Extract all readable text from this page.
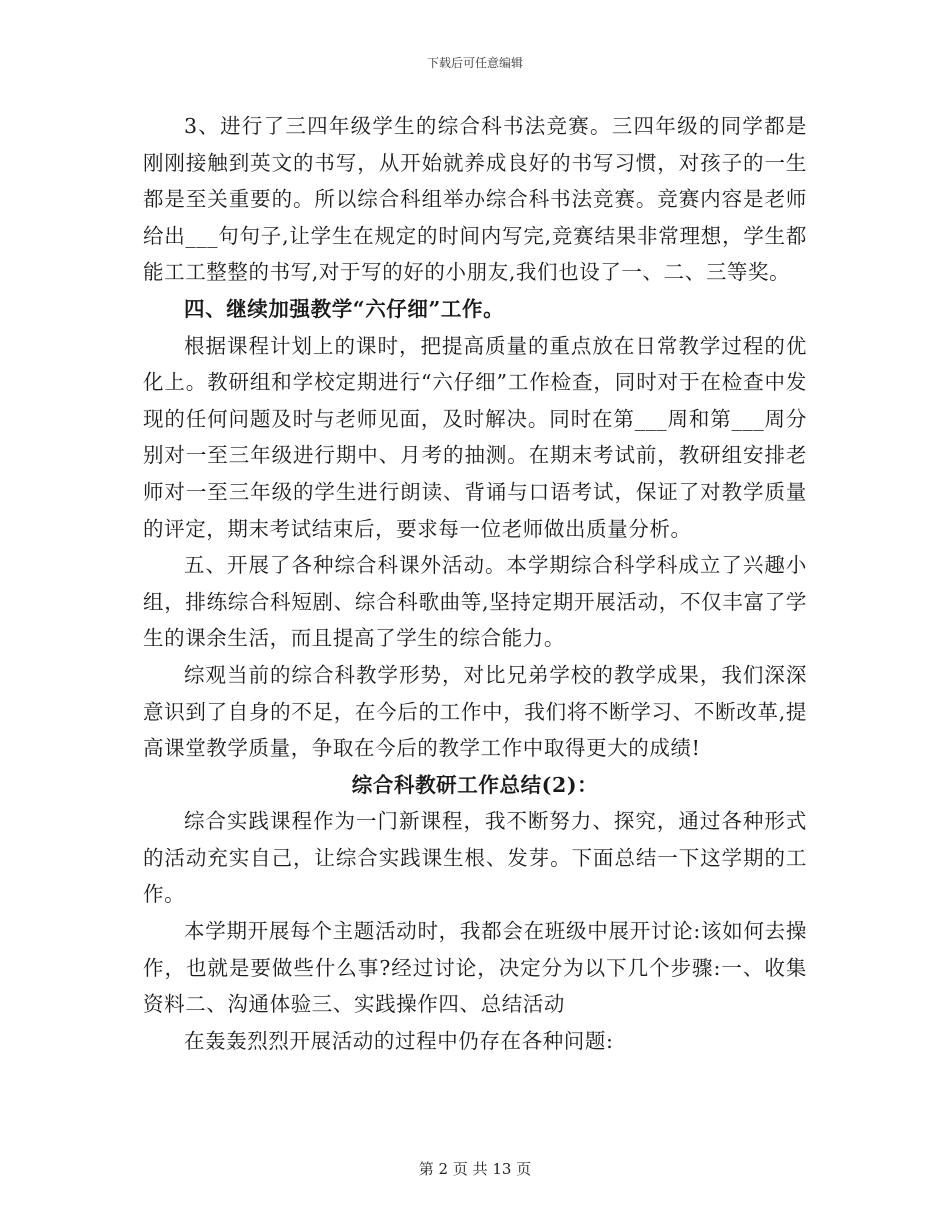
下载后可任意编辑

3、进行了三四年级学生的综合科书法竞赛。三四年级的同学都是刚刚接触到英文的书写，从开始就养成良好的书写习惯，对孩子的一生都是至关重要的。所以综合科组举办综合科书法竞赛。竞赛内容是老师给出___句句子,让学生在规定的时间内写完,竞赛结果非常理想，学生都能工工整整的书写,对于写的好的小朋友,我们也设了一、二、三等奖。

四、继续加强教学“六仔细”工作。

根据课程计划上的课时，把提高质量的重点放在日常教学过程的优化上。教研组和学校定期进行“六仔细”工作检查，同时对于在检查中发现的任何问题及时与老师见面，及时解决。同时在第___周和第___周分别对一至三年级进行期中、月考的抽测。在期末考试前，教研组安排老师对一至三年级的学生进行朗读、背诵与口语考试，保证了对教学质量的评定，期末考试结束后，要求每一位老师做出质量分析。

五、开展了各种综合科课外活动。本学期综合科学科成立了兴趣小组，排练综合科短剧、综合科歌曲等,坚持定期开展活动，不仅丰富了学生的课余生活，而且提高了学生的综合能力。

综观当前的综合科教学形势，对比兄弟学校的教学成果，我们深深意识到了自身的不足，在今后的工作中，我们将不断学习、不断改革,提高课堂教学质量，争取在今后的教学工作中取得更大的成绩!

综合科教研工作总结(2)：

综合实践课程作为一门新课程，我不断努力、探究，通过各种形式的活动充实自己，让综合实践课生根、发芽。下面总结一下这学期的工作。

本学期开展每个主题活动时，我都会在班级中展开讨论:该如何去操作，也就是要做些什么事?经过讨论，决定分为以下几个步骤:一、收集资料二、沟通体验三、实践操作四、总结活动

在轰轰烈烈开展活动的过程中仍存在各种问题:

第 2 页 共 13 页
